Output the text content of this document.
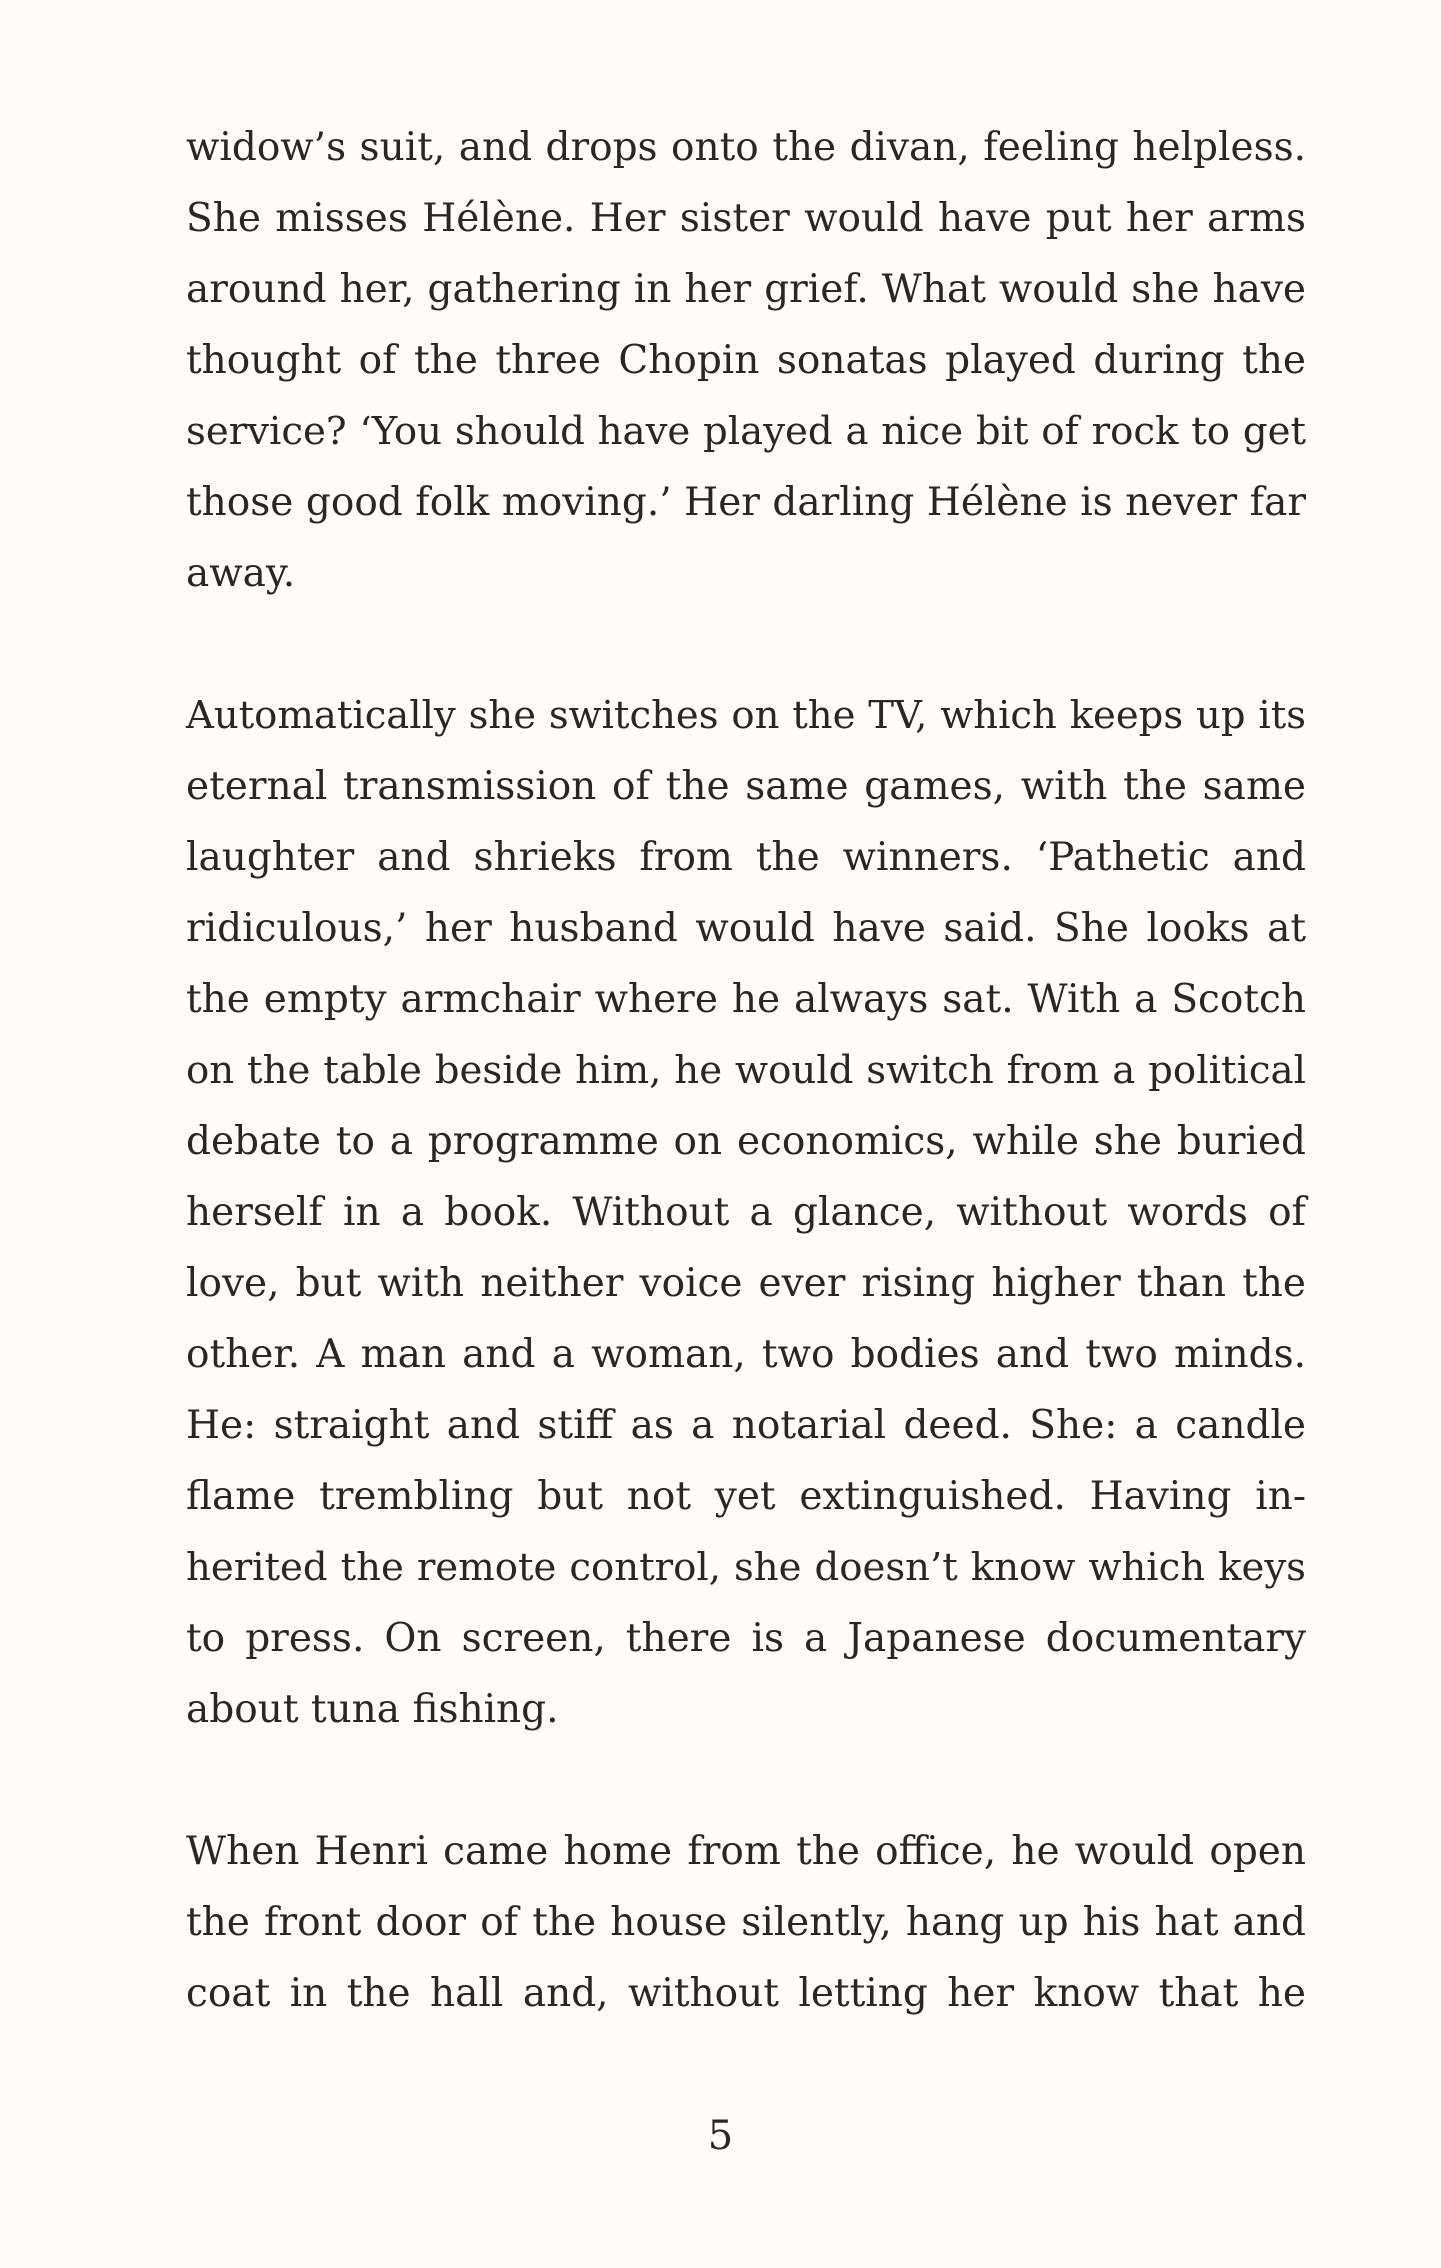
widow’s suit, and drops onto the divan, feeling helpless.
She misses Hélène. Her sister would have put her arms
around her, gathering in her grief. What would she have
thought of the three Chopin sonatas played during the
service? ‘You should have played a nice bit of rock to get
those good folk moving.’ Her darling Hélène is never far
away.
Automatically she switches on the TV, which keeps up its
eternal transmission of the same games, with the same
laughter and shrieks from the winners. ‘Pathetic and
ridiculous,’ her husband would have said. She looks at
the empty armchair where he always sat. With a Scotch
on the table beside him, he would switch from a political
debate to a programme on economics, while she buried
herself in a book. Without a glance, without words of
love, but with neither voice ever rising higher than the
other. A man and a woman, two bodies and two minds.
He: straight and stiff as a notarial deed. She: a candle
flame trembling but not yet extinguished. Having in-
herited the remote control, she doesn’t know which keys
to press. On screen, there is a Japanese documentary
about tuna fishing.
When Henri came home from the office, he would open
the front door of the house silently, hang up his hat and
coat in the hall and, without letting her know that he
5
